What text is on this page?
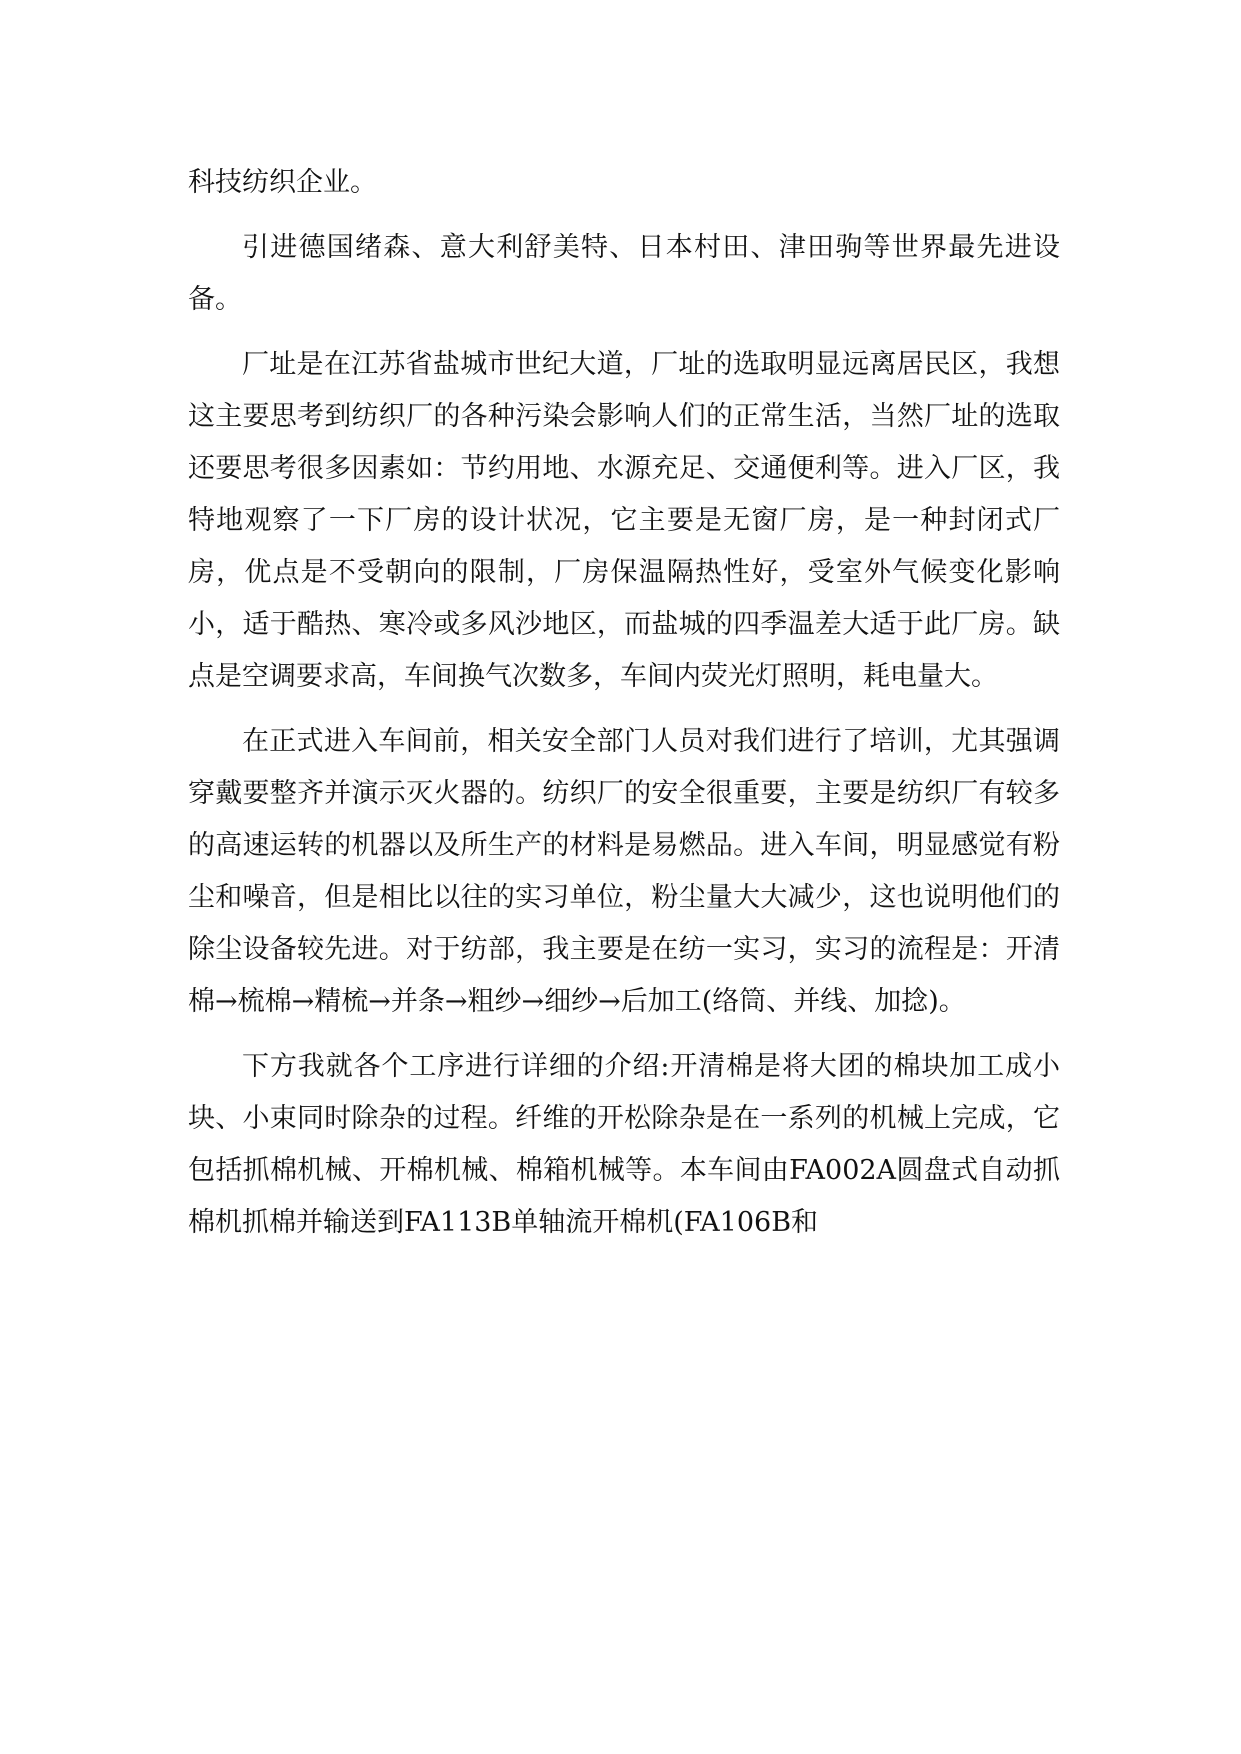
科技纺织企业。

引进德国绪森、意大利舒美特、日本村田、津田驹等世界最先进设备。

厂址是在江苏省盐城市世纪大道，厂址的选取明显远离居民区，我想这主要思考到纺织厂的各种污染会影响人们的正常生活，当然厂址的选取还要思考很多因素如：节约用地、水源充足、交通便利等。进入厂区，我特地观察了一下厂房的设计状况，它主要是无窗厂房，是一种封闭式厂房，优点是不受朝向的限制，厂房保温隔热性好，受室外气候变化影响小，适于酷热、寒冷或多风沙地区，而盐城的四季温差大适于此厂房。缺点是空调要求高，车间换气次数多，车间内荧光灯照明，耗电量大。

在正式进入车间前，相关安全部门人员对我们进行了培训，尤其强调穿戴要整齐并演示灭火器的。纺织厂的安全很重要，主要是纺织厂有较多的高速运转的机器以及所生产的材料是易燃品。进入车间，明显感觉有粉尘和噪音，但是相比以往的实习单位，粉尘量大大减少，这也说明他们的除尘设备较先进。对于纺部，我主要是在纺一实习，实习的流程是：开清棉→梳棉→精梳→并条→粗纱→细纱→后加工(络筒、并线、加捻)。

下方我就各个工序进行详细的介绍:开清棉是将大团的棉块加工成小块、小束同时除杂的过程。纤维的开松除杂是在一系列的机械上完成，它包括抓棉机械、开棉机械、棉箱机械等。本车间由FA002A圆盘式自动抓棉机抓棉并输送到FA113B单轴流开棉机(FA106B和
